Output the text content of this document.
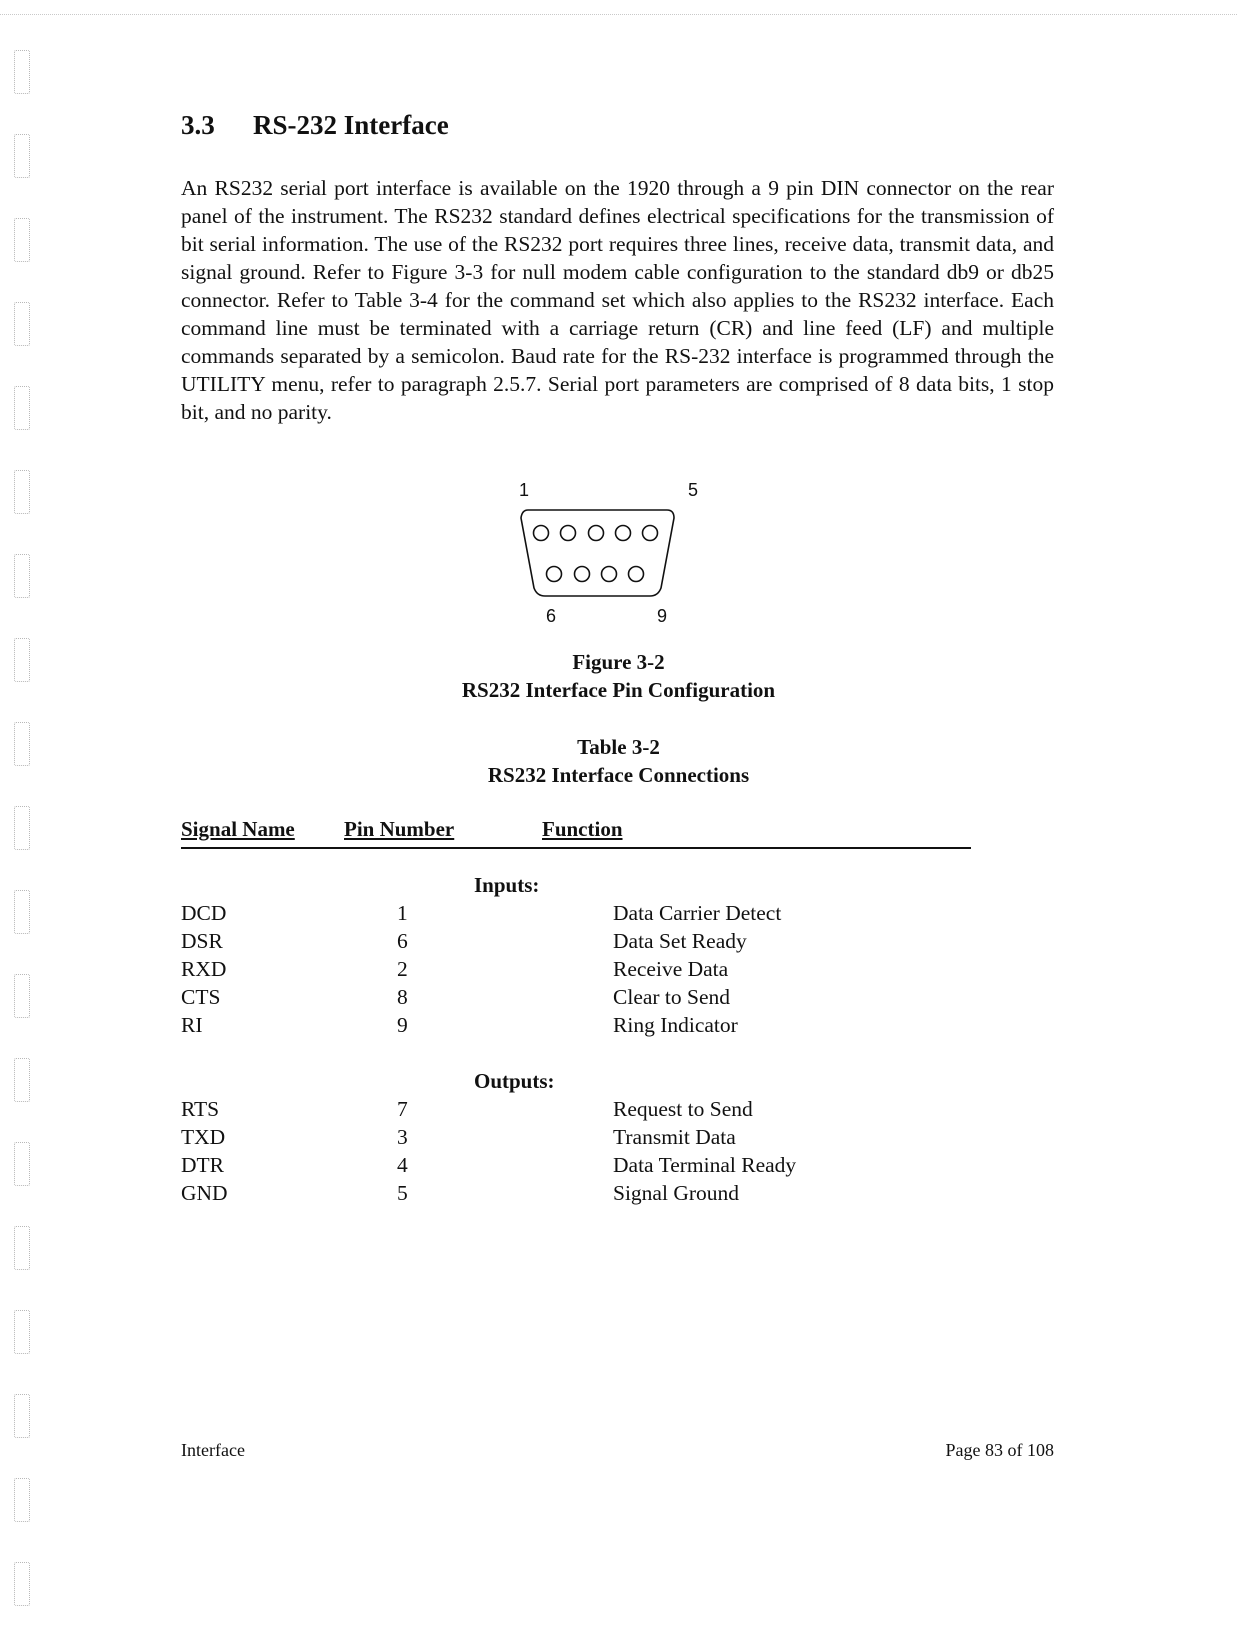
3.3 RS-232 Interface

An RS232 serial port interface is available on the 1920 through a 9 pin DIN connector on the rear panel of the instrument. The RS232 standard defines electrical specifications for the transmission of bit serial information. The use of the RS232 port requires three lines, receive data, transmit data, and signal ground. Refer to Figure 3-3 for null modem cable configuration to the standard db9 or db25 connector. Refer to Table 3-4 for the command set which also applies to the RS232 interface. Each command line must be terminated with a carriage return (CR) and line feed (LF) and multiple commands separated by a semicolon. Baud rate for the RS-232 interface is programmed through the UTILITY menu, refer to paragraph 2.5.7. Serial port parameters are comprised of 8 data bits, 1 stop bit, and no parity.

1	5
6	9

Figure 3-2

RS232 Interface Pin Configuration

Table 3-2

RS232 Interface Connections

Signal Name Pin Number	Function
Inputs:
DCD	1	Data Carrier Detect
DSR	6	Data Set Ready
RXD	2	Receive Data
CTS	8	Clear to Send
RI	9	Ring Indicator
Outputs:
RTS	7	Request to Send
TXD	3	Transmit Data
DTR	4	Data Terminal Ready
GND	5	Signal Ground
Interface	Page 83 of 108
